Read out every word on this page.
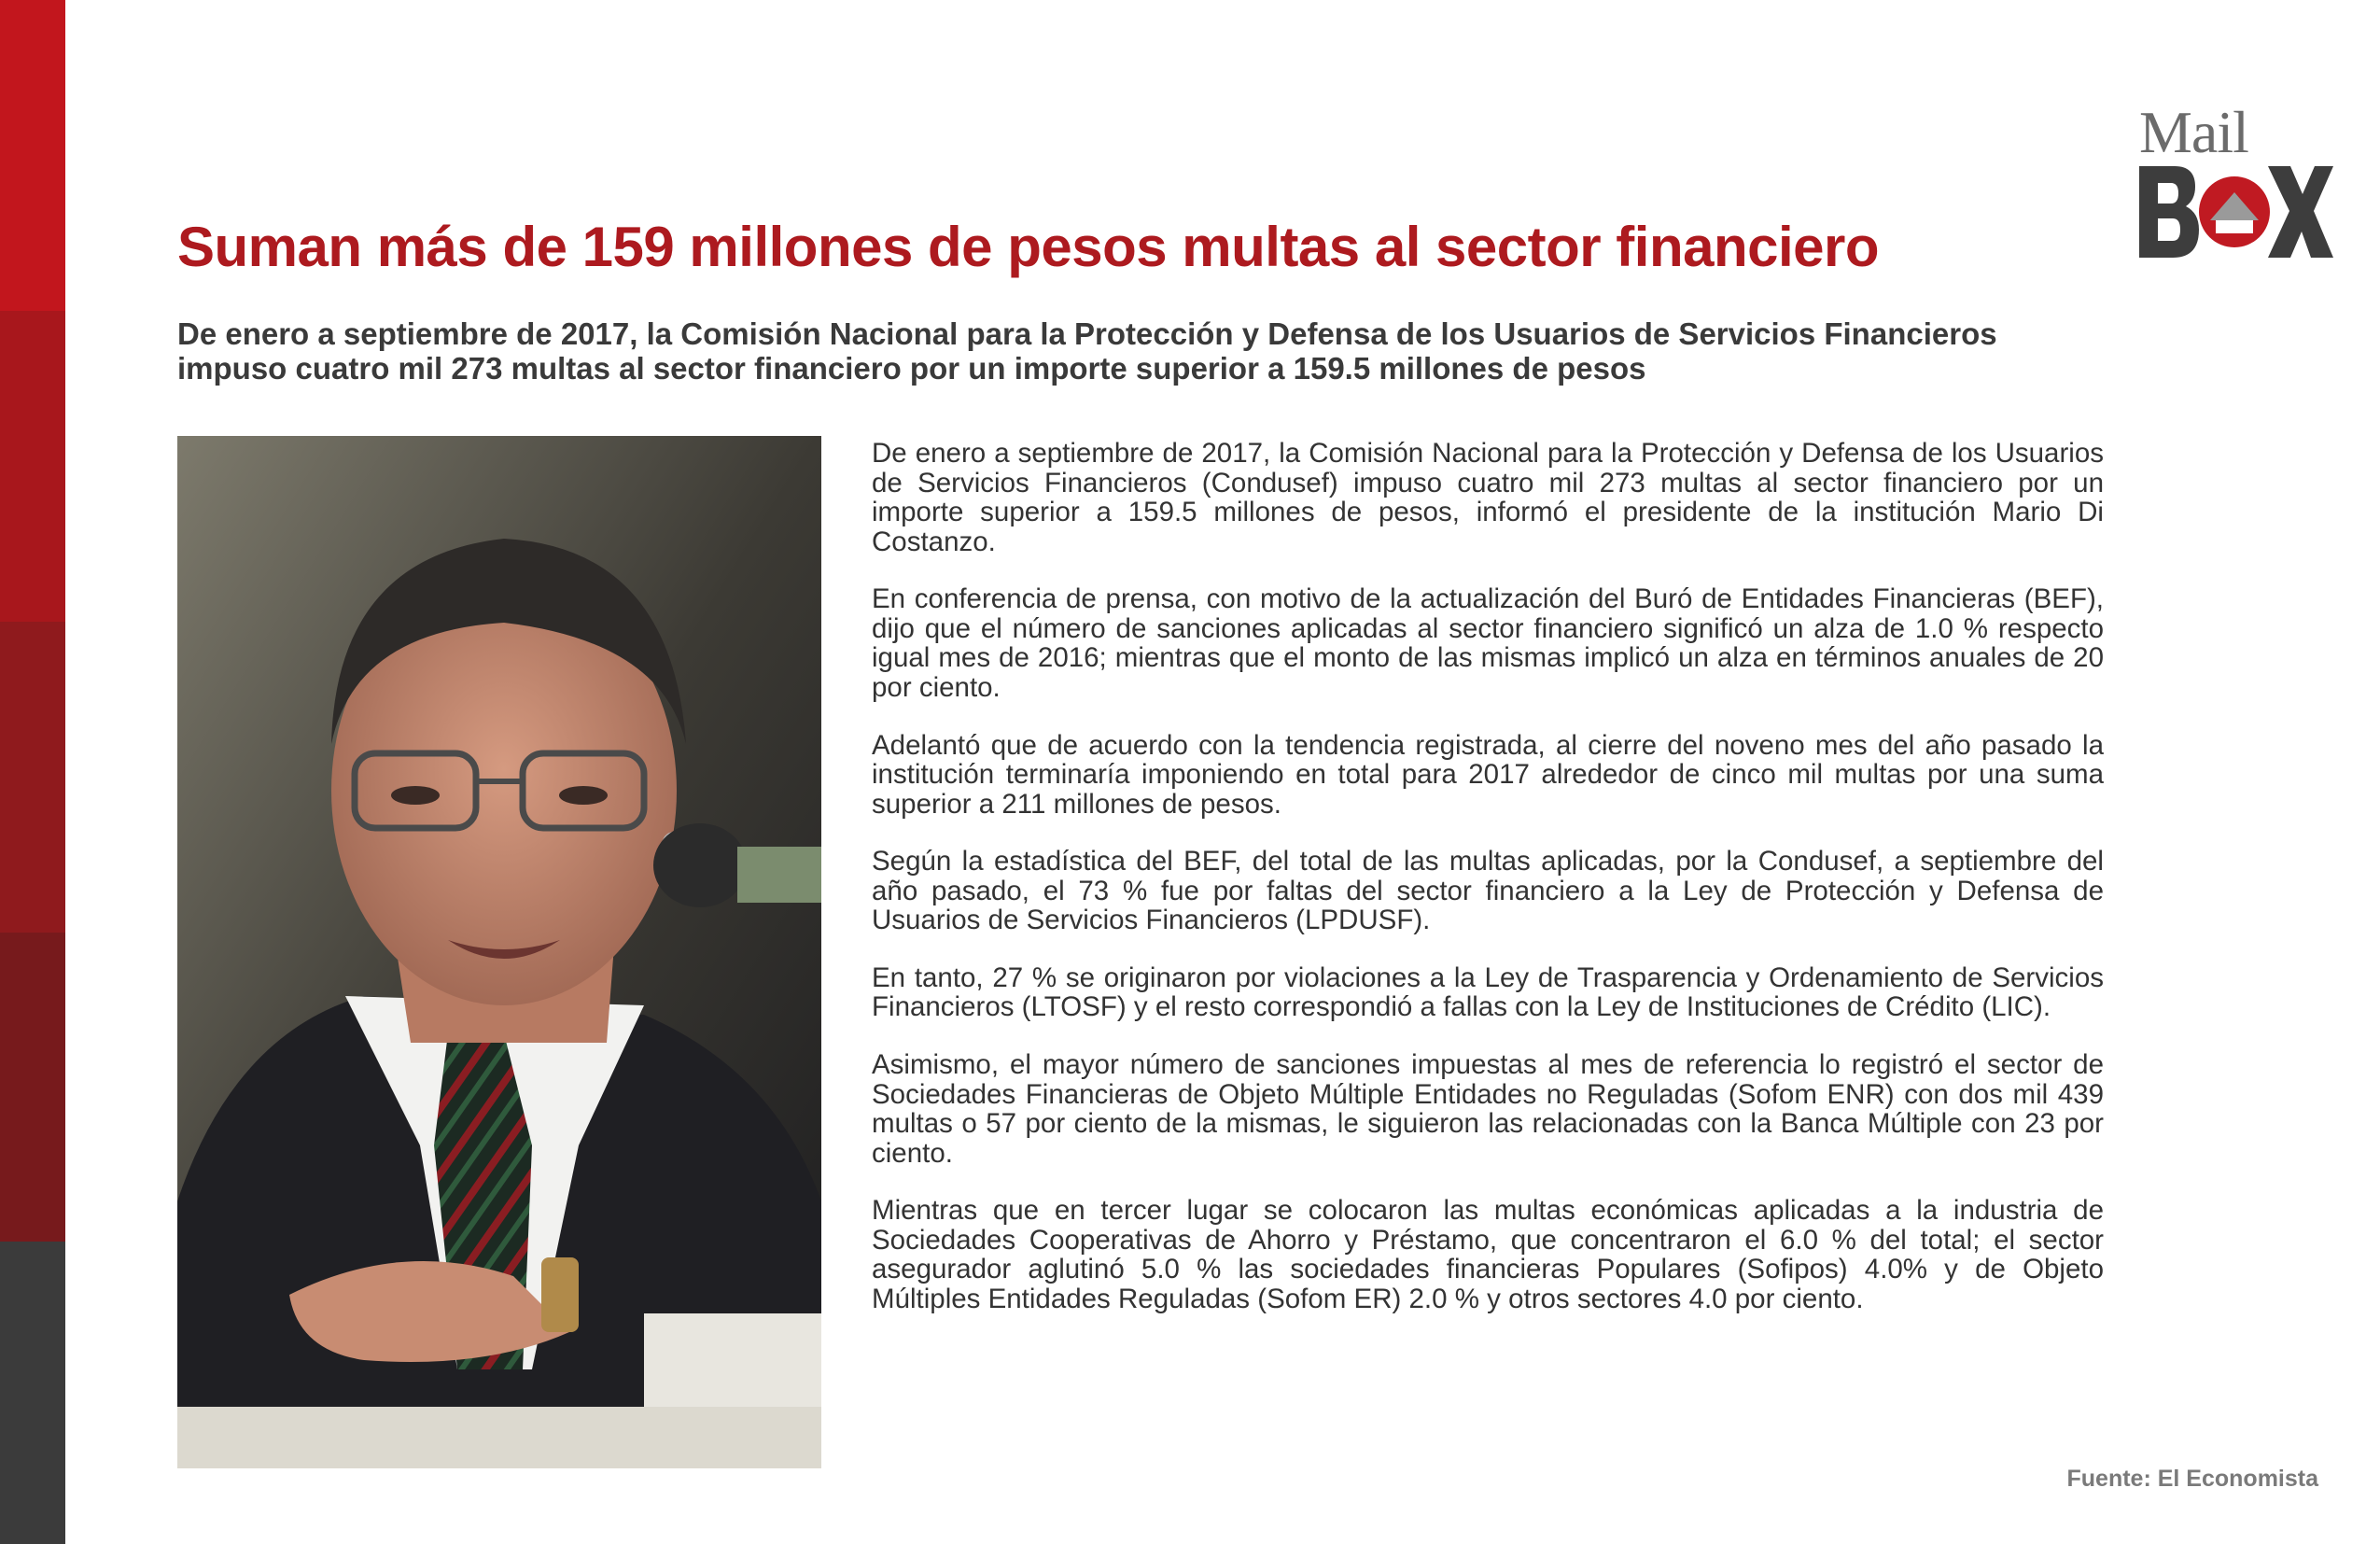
Mail
Suman más de 159 millones de pesos multas al sector financiero
De enero a septiembre de 2017, la Comisión Nacional para la Protección y Defensa de los Usuarios de Servicios Financieros impuso cuatro mil 273 multas al sector financiero por un importe superior a 159.5 millones de pesos

De enero a septiembre de 2017, la Comisión Nacional para la Protección y Defensa de los Usuarios de Servicios Financieros (Condusef) impuso cuatro mil 273 multas al sector financiero por un importe superior a 159.5 millones de pesos, informó el presidente de la institución Mario Di Costanzo.

En conferencia de prensa, con motivo de la actualización del Buró de Entidades Financieras (BEF), dijo que el número de sanciones aplicadas al sector financiero significó un alza de 1.0 % respecto igual mes de 2016; mientras que el monto de las mismas implicó un alza en términos anuales de 20 por ciento.

Adelantó que de acuerdo con la tendencia registrada, al cierre del noveno mes del año pasado la institución terminaría imponiendo en total para 2017 alrededor de cinco mil multas por una suma superior a 211 millones de pesos.

Según la estadística del BEF, del total de las multas aplicadas, por la Condusef, a septiembre del año pasado, el 73 % fue por faltas del sector financiero a la Ley de Protección y Defensa de Usuarios de Servicios Financieros (LPDUSF).

En tanto, 27 % se originaron por violaciones a la Ley de Trasparencia y Ordenamiento de Servicios Financieros (LTOSF) y el resto correspondió a fallas con la Ley de Instituciones de Crédito (LIC).

Asimismo, el mayor número de sanciones impuestas al mes de referencia lo registró el sector de Sociedades Financieras de Objeto Múltiple Entidades no Reguladas (Sofom ENR) con dos mil 439 multas o 57 por ciento de la mismas, le siguieron las relacionadas con la Banca Múltiple con 23 por ciento.

Mientras que en tercer lugar se colocaron las multas económicas aplicadas a la industria de Sociedades Cooperativas de Ahorro y Préstamo, que concentraron el 6.0 % del total; el sector asegurador aglutinó 5.0 % las sociedades financieras Populares (Sofipos) 4.0% y de Objeto Múltiples Entidades Reguladas (Sofom ER) 2.0 % y otros sectores 4.0 por ciento.

Fuente: El Economista
